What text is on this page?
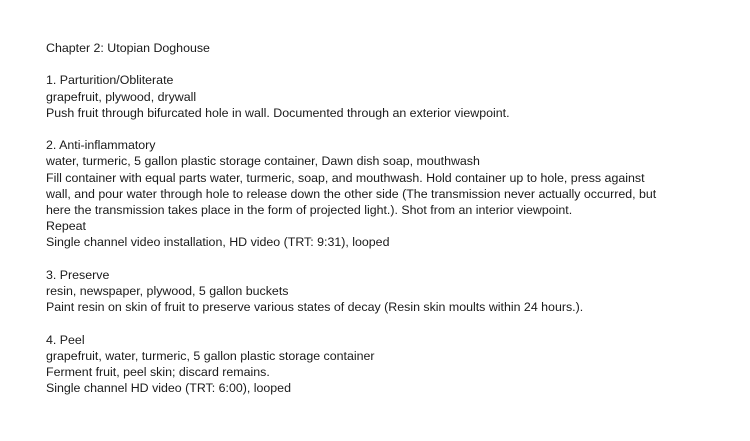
Chapter 2: Utopian Doghouse
1. Parturition/Obliterate
grapefruit, plywood, drywall
Push fruit through bifurcated hole in wall. Documented through an exterior viewpoint.
2. Anti-inflammatory
water, turmeric, 5 gallon plastic storage container, Dawn dish soap, mouthwash
Fill container with equal parts water, turmeric, soap, and mouthwash. Hold container up to hole, press against
wall, and pour water through hole to release down the other side (The transmission never actually occurred, but
here the transmission takes place in the form of projected light.). Shot from an interior viewpoint.
Repeat
Single channel video installation, HD video (TRT: 9:31), looped
3. Preserve
resin, newspaper, plywood, 5 gallon buckets
Paint resin on skin of fruit to preserve various states of decay (Resin skin moults within 24 hours.).
4. Peel
grapefruit, water, turmeric, 5 gallon plastic storage container
Ferment fruit, peel skin; discard remains.
Single channel HD video (TRT: 6:00), looped
